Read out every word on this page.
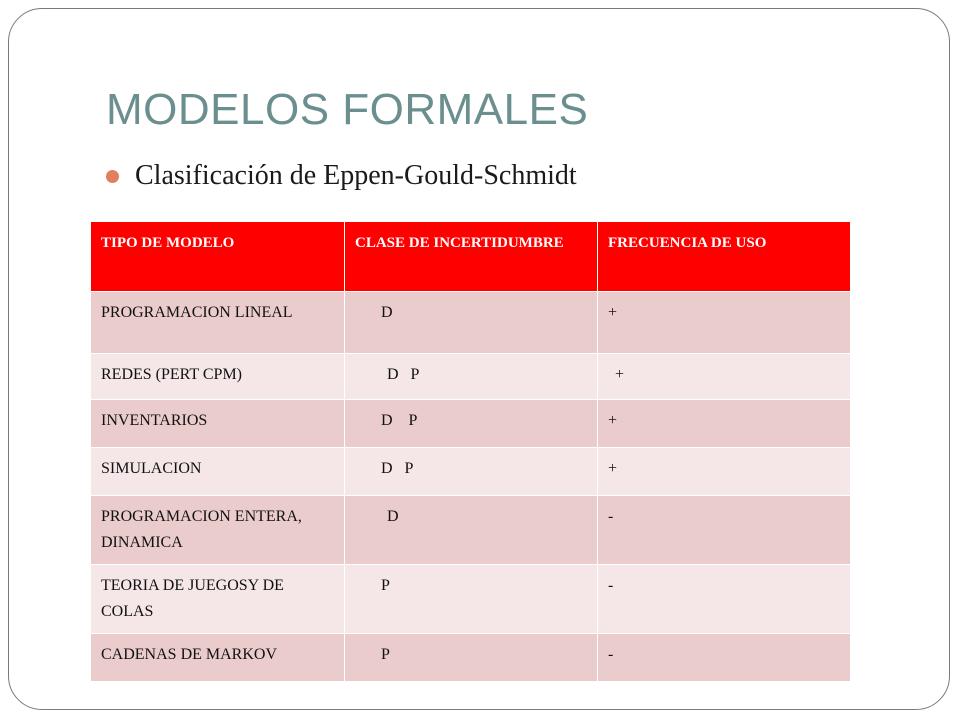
MODELOS FORMALES
Clasificación de Eppen-Gould-Schmidt
TIPO DE MODELO	CLASE DE INCERTIDUMBRE	FRECUENCIA DE USO
PROGRAMACION LINEAL	D	+
REDES (PERT CPM)	D   P	+
INVENTARIOS	D    P	+
SIMULACION	D   P	+
PROGRAMACION ENTERA, DINAMICA	D	-
TEORIA DE JUEGOSY DE COLAS	P	-
CADENAS DE MARKOV	P	-
